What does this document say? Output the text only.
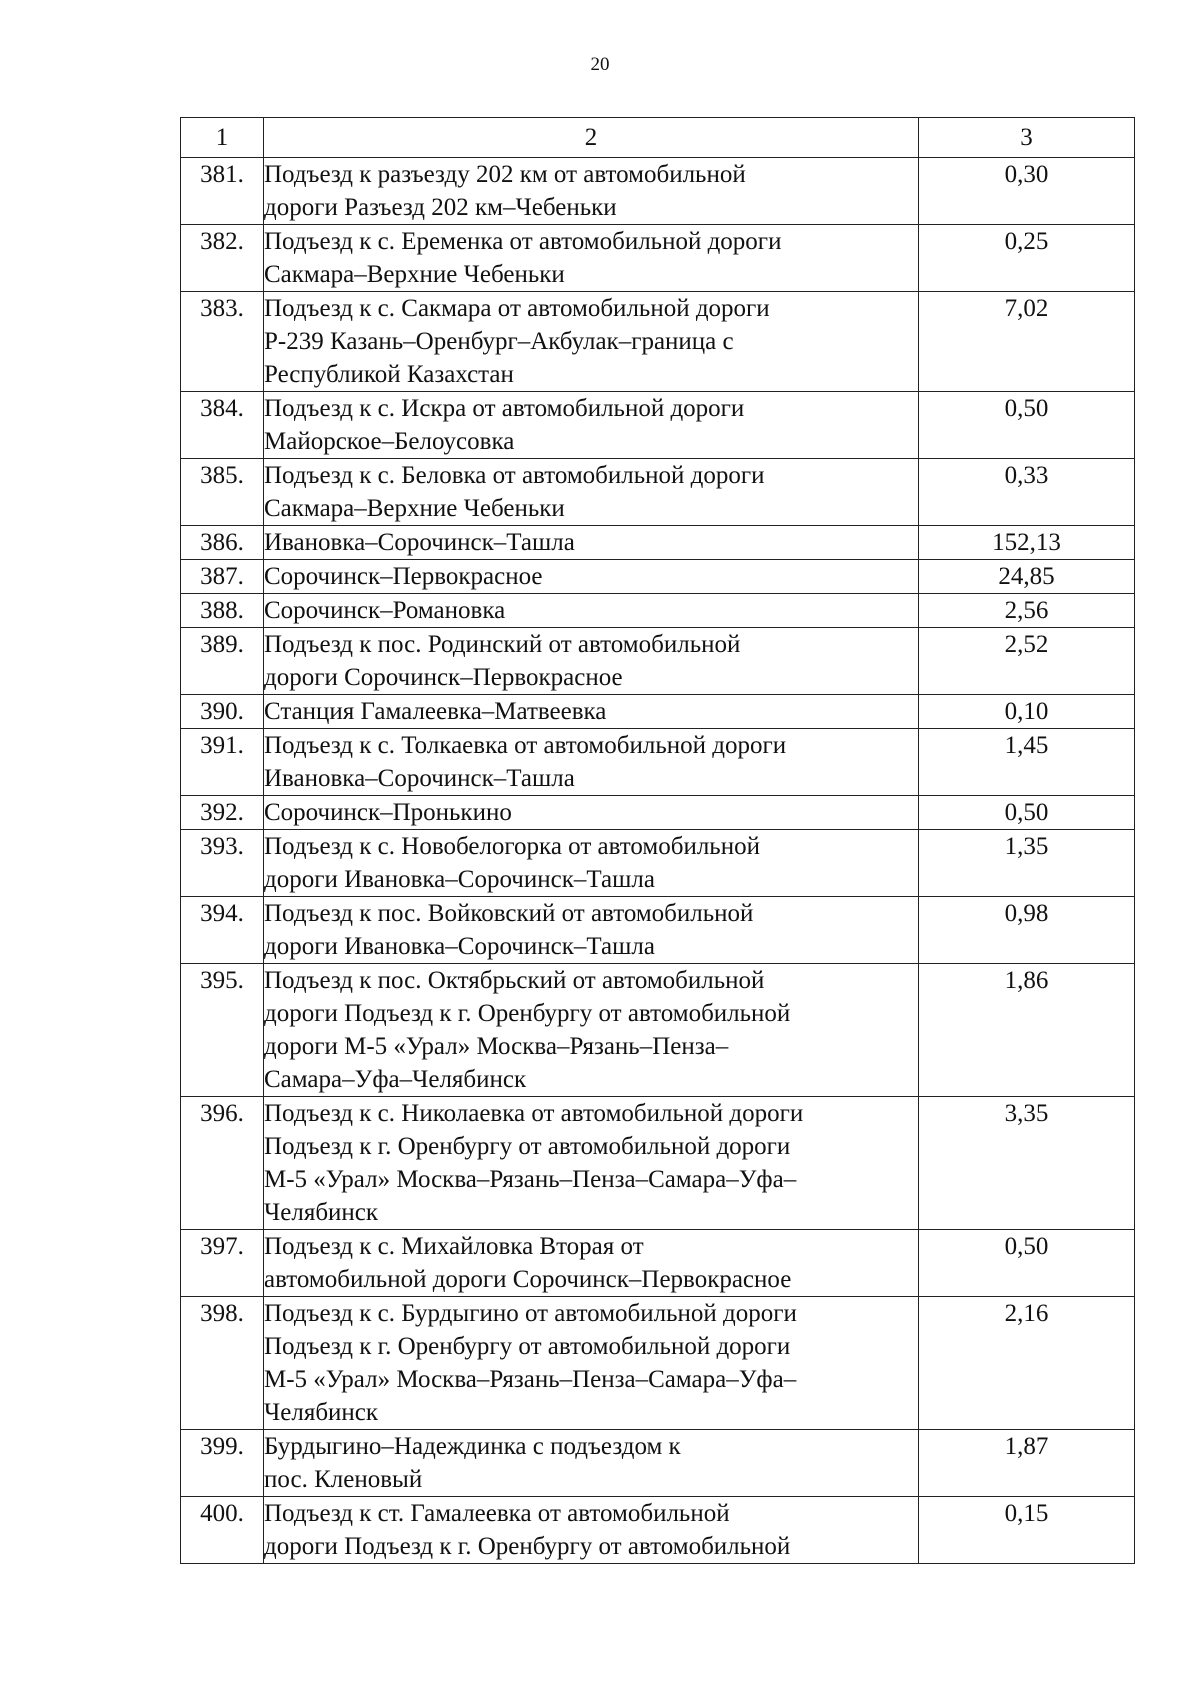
20
1	2	3
381.	Подъезд к разъезду 202 км от автомобильной
дороги Разъезд 202 км–Чебеньки	0,30
382.	Подъезд к с. Еременка от автомобильной дороги
Сакмара–Верхние Чебеньки	0,25
383.	Подъезд к с. Сакмара от автомобильной дороги
Р-239 Казань–Оренбург–Акбулак–граница с
Республикой Казахстан	7,02
384.	Подъезд к с. Искра от автомобильной дороги
Майорское–Белоусовка	0,50
385.	Подъезд к с. Беловка от автомобильной дороги
Сакмара–Верхние Чебеньки	0,33
386.	Ивановка–Сорочинск–Ташла	152,13
387.	Сорочинск–Первокрасное	24,85
388.	Сорочинск–Романовка	2,56
389.	Подъезд к пос. Родинский от автомобильной
дороги Сорочинск–Первокрасное	2,52
390.	Станция Гамалеевка–Матвеевка	0,10
391.	Подъезд к с. Толкаевка от автомобильной дороги
Ивановка–Сорочинск–Ташла	1,45
392.	Сорочинск–Пронькино	0,50
393.	Подъезд к с. Новобелогорка от автомобильной
дороги Ивановка–Сорочинск–Ташла	1,35
394.	Подъезд к пос. Войковский от автомобильной
дороги Ивановка–Сорочинск–Ташла	0,98
395.	Подъезд к пос. Октябрьский от автомобильной
дороги Подъезд к г. Оренбургу от автомобильной
дороги М-5 «Урал» Москва–Рязань–Пенза–
Самара–Уфа–Челябинск	1,86
396.	Подъезд к с. Николаевка от автомобильной дороги
Подъезд к г. Оренбургу от автомобильной дороги
М-5 «Урал» Москва–Рязань–Пенза–Самара–Уфа–
Челябинск	3,35
397.	Подъезд к с. Михайловка Вторая от
автомобильной дороги Сорочинск–Первокрасное	0,50
398.	Подъезд к с. Бурдыгино от автомобильной дороги
Подъезд к г. Оренбургу от автомобильной дороги
М-5 «Урал» Москва–Рязань–Пенза–Самара–Уфа–
Челябинск	2,16
399.	Бурдыгино–Надеждинка с подъездом к
пос. Кленовый	1,87
400.	Подъезд к ст. Гамалеевка от автомобильной
дороги Подъезд к г. Оренбургу от автомобильной	0,15
